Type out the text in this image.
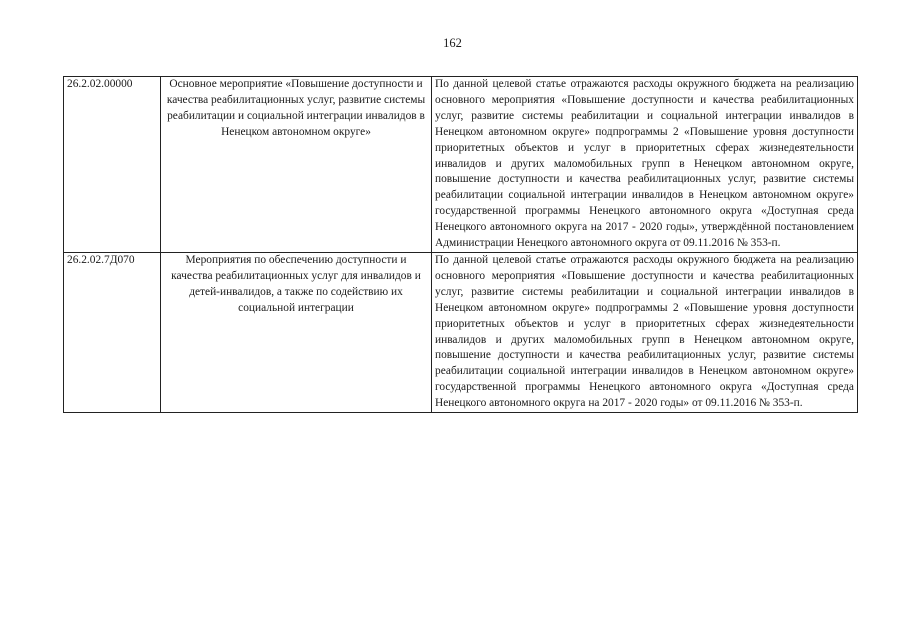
162
26.2.02.00000	Основное мероприятие «Повышение доступности и качества реабилитационных услуг, развитие системы реабилитации и социальной интеграции инвалидов в Ненецком автономном округе»	По данной целевой статье отражаются расходы окружного бюджета на реализацию основного мероприятия «Повышение доступности и качества реабилитационных услуг, развитие системы реабилитации и социальной интеграции инвалидов в Ненецком автономном округе» подпрограммы 2 «Повышение уровня доступности приоритетных объектов и услуг в приоритетных сферах жизнедеятельности инвалидов и других маломобильных групп в Ненецком автономном округе, повышение доступности и качества реабилитационных услуг, развитие системы реабилитации социальной интеграции инвалидов в Ненецком автономном округе» государственной программы Ненецкого автономного округа «Доступная среда Ненецкого автономного округа на 2017 - 2020 годы», утверждённой постановлением Администрации Ненецкого автономного округа от 09.11.2016 № 353-п.
26.2.02.7Д070	Мероприятия по обеспечению доступности и качества реабилитационных услуг для инвалидов и детей-инвалидов, а также по содействию их социальной интеграции	По данной целевой статье отражаются расходы окружного бюджета на реализацию основного мероприятия «Повышение доступности и качества реабилитационных услуг, развитие системы реабилитации и социальной интеграции инвалидов в Ненецком автономном округе» подпрограммы 2 «Повышение уровня доступности приоритетных объектов и услуг в приоритетных сферах жизнедеятельности инвалидов и других маломобильных групп в Ненецком автономном округе, повышение доступности и качества реабилитационных услуг, развитие системы реабилитации социальной интеграции инвалидов в Ненецком автономном округе» государственной программы Ненецкого автономного округа «Доступная среда Ненецкого автономного округа на 2017 - 2020 годы» от 09.11.2016 № 353-п.
